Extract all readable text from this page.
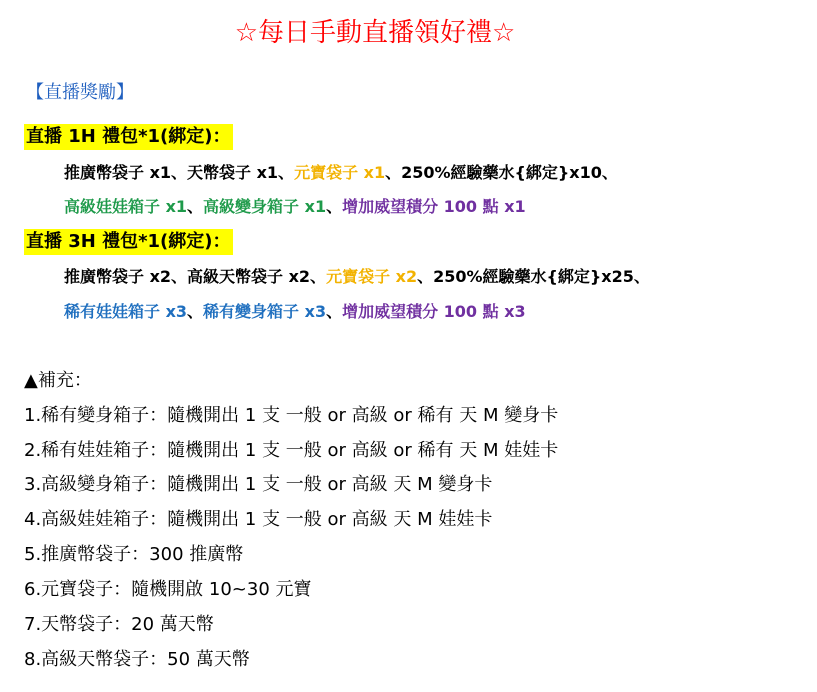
☆每日手動直播領好禮☆
【直播獎勵】
直播 1H 禮包*1(綁定)：
推廣幣袋子 x1、天幣袋子 x1、元寶袋子 x1、250%經驗藥水{綁定}x10、
高級娃娃箱子 x1、高級變身箱子 x1、增加威望積分 100 點 x1
直播 3H 禮包*1(綁定)：
推廣幣袋子 x2、高級天幣袋子 x2、元寶袋子 x2、250%經驗藥水{綁定}x25、
稀有娃娃箱子 x3、稀有變身箱子 x3、增加威望積分 100 點 x3
▲補充：
1.稀有變身箱子：隨機開出 1 支 一般 or 高級 or 稀有 天 M 變身卡
2.稀有娃娃箱子：隨機開出 1 支 一般 or 高級 or 稀有 天 M 娃娃卡
3.高級變身箱子：隨機開出 1 支 一般 or 高級 天 M 變身卡
4.高級娃娃箱子：隨機開出 1 支 一般 or 高級 天 M 娃娃卡
5.推廣幣袋子：300 推廣幣
6.元寶袋子：隨機開啟 10~30 元寶
7.天幣袋子：20 萬天幣
8.高級天幣袋子：50 萬天幣
